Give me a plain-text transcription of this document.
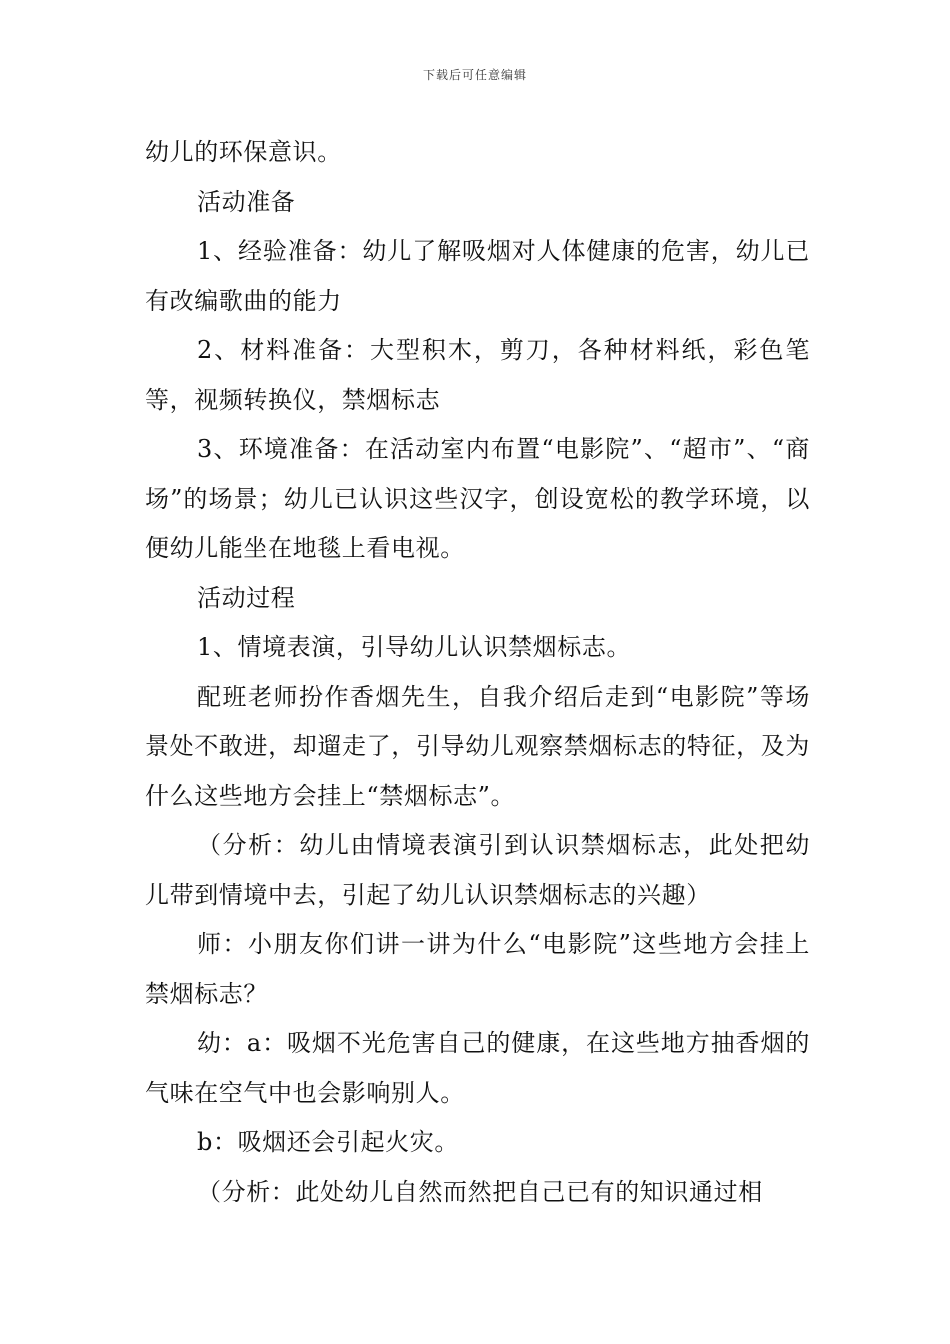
下载后可任意编辑

幼儿的环保意识。

活动准备

1、经验准备：幼儿了解吸烟对人体健康的危害，幼儿已有改编歌曲的能力

2、材料准备：大型积木，剪刀，各种材料纸，彩色笔等，视频转换仪，禁烟标志

3、环境准备：在活动室内布置“电影院”、“超市”、“商场”的场景；幼儿已认识这些汉字，创设宽松的教学环境，以便幼儿能坐在地毯上看电视。

活动过程

1、情境表演，引导幼儿认识禁烟标志。

配班老师扮作香烟先生，自我介绍后走到“电影院”等场景处不敢进，却遛走了，引导幼儿观察禁烟标志的特征，及为什么这些地方会挂上“禁烟标志”。

（分析：幼儿由情境表演引到认识禁烟标志，此处把幼儿带到情境中去，引起了幼儿认识禁烟标志的兴趣）

师：小朋友你们讲一讲为什么“电影院”这些地方会挂上禁烟标志？

幼：a：吸烟不光危害自己的健康，在这些地方抽香烟的气味在空气中也会影响别人。

b：吸烟还会引起火灾。

（分析：此处幼儿自然而然把自己已有的知识通过相
